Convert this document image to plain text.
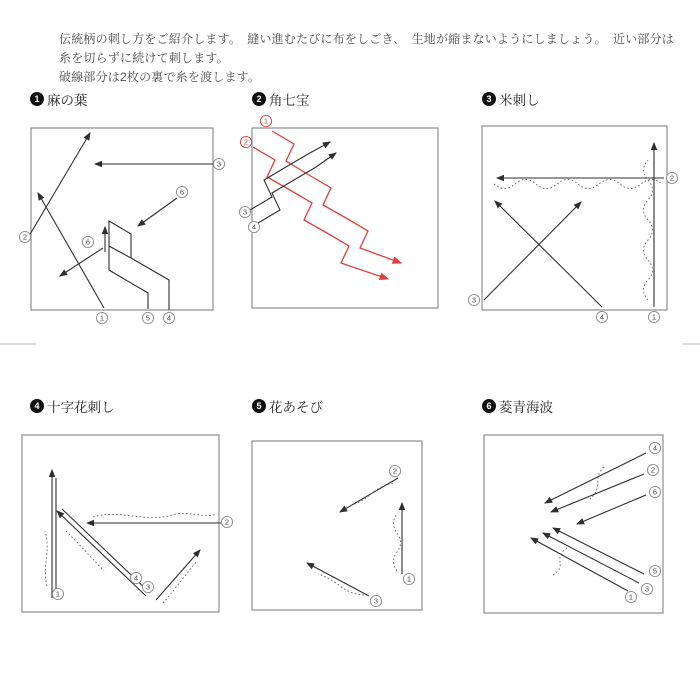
伝統柄の刺し方をご紹介します。　縫い進むたびに布をしごき、　生地が縮まないようにしましょう。　近い部分は糸を切らずに続けて刺します。
破線部分は2枚の裏で糸を渡します。

1 麻の葉	2 角七宝	3 米刺し
4 十字花刺し	5 花あそび	6 菱青海波
3
2
6
6
1	5 4
1
2
3
4
2
1
3
4
2
1
4
3
2
1
3
4
2
6
5
3
1
